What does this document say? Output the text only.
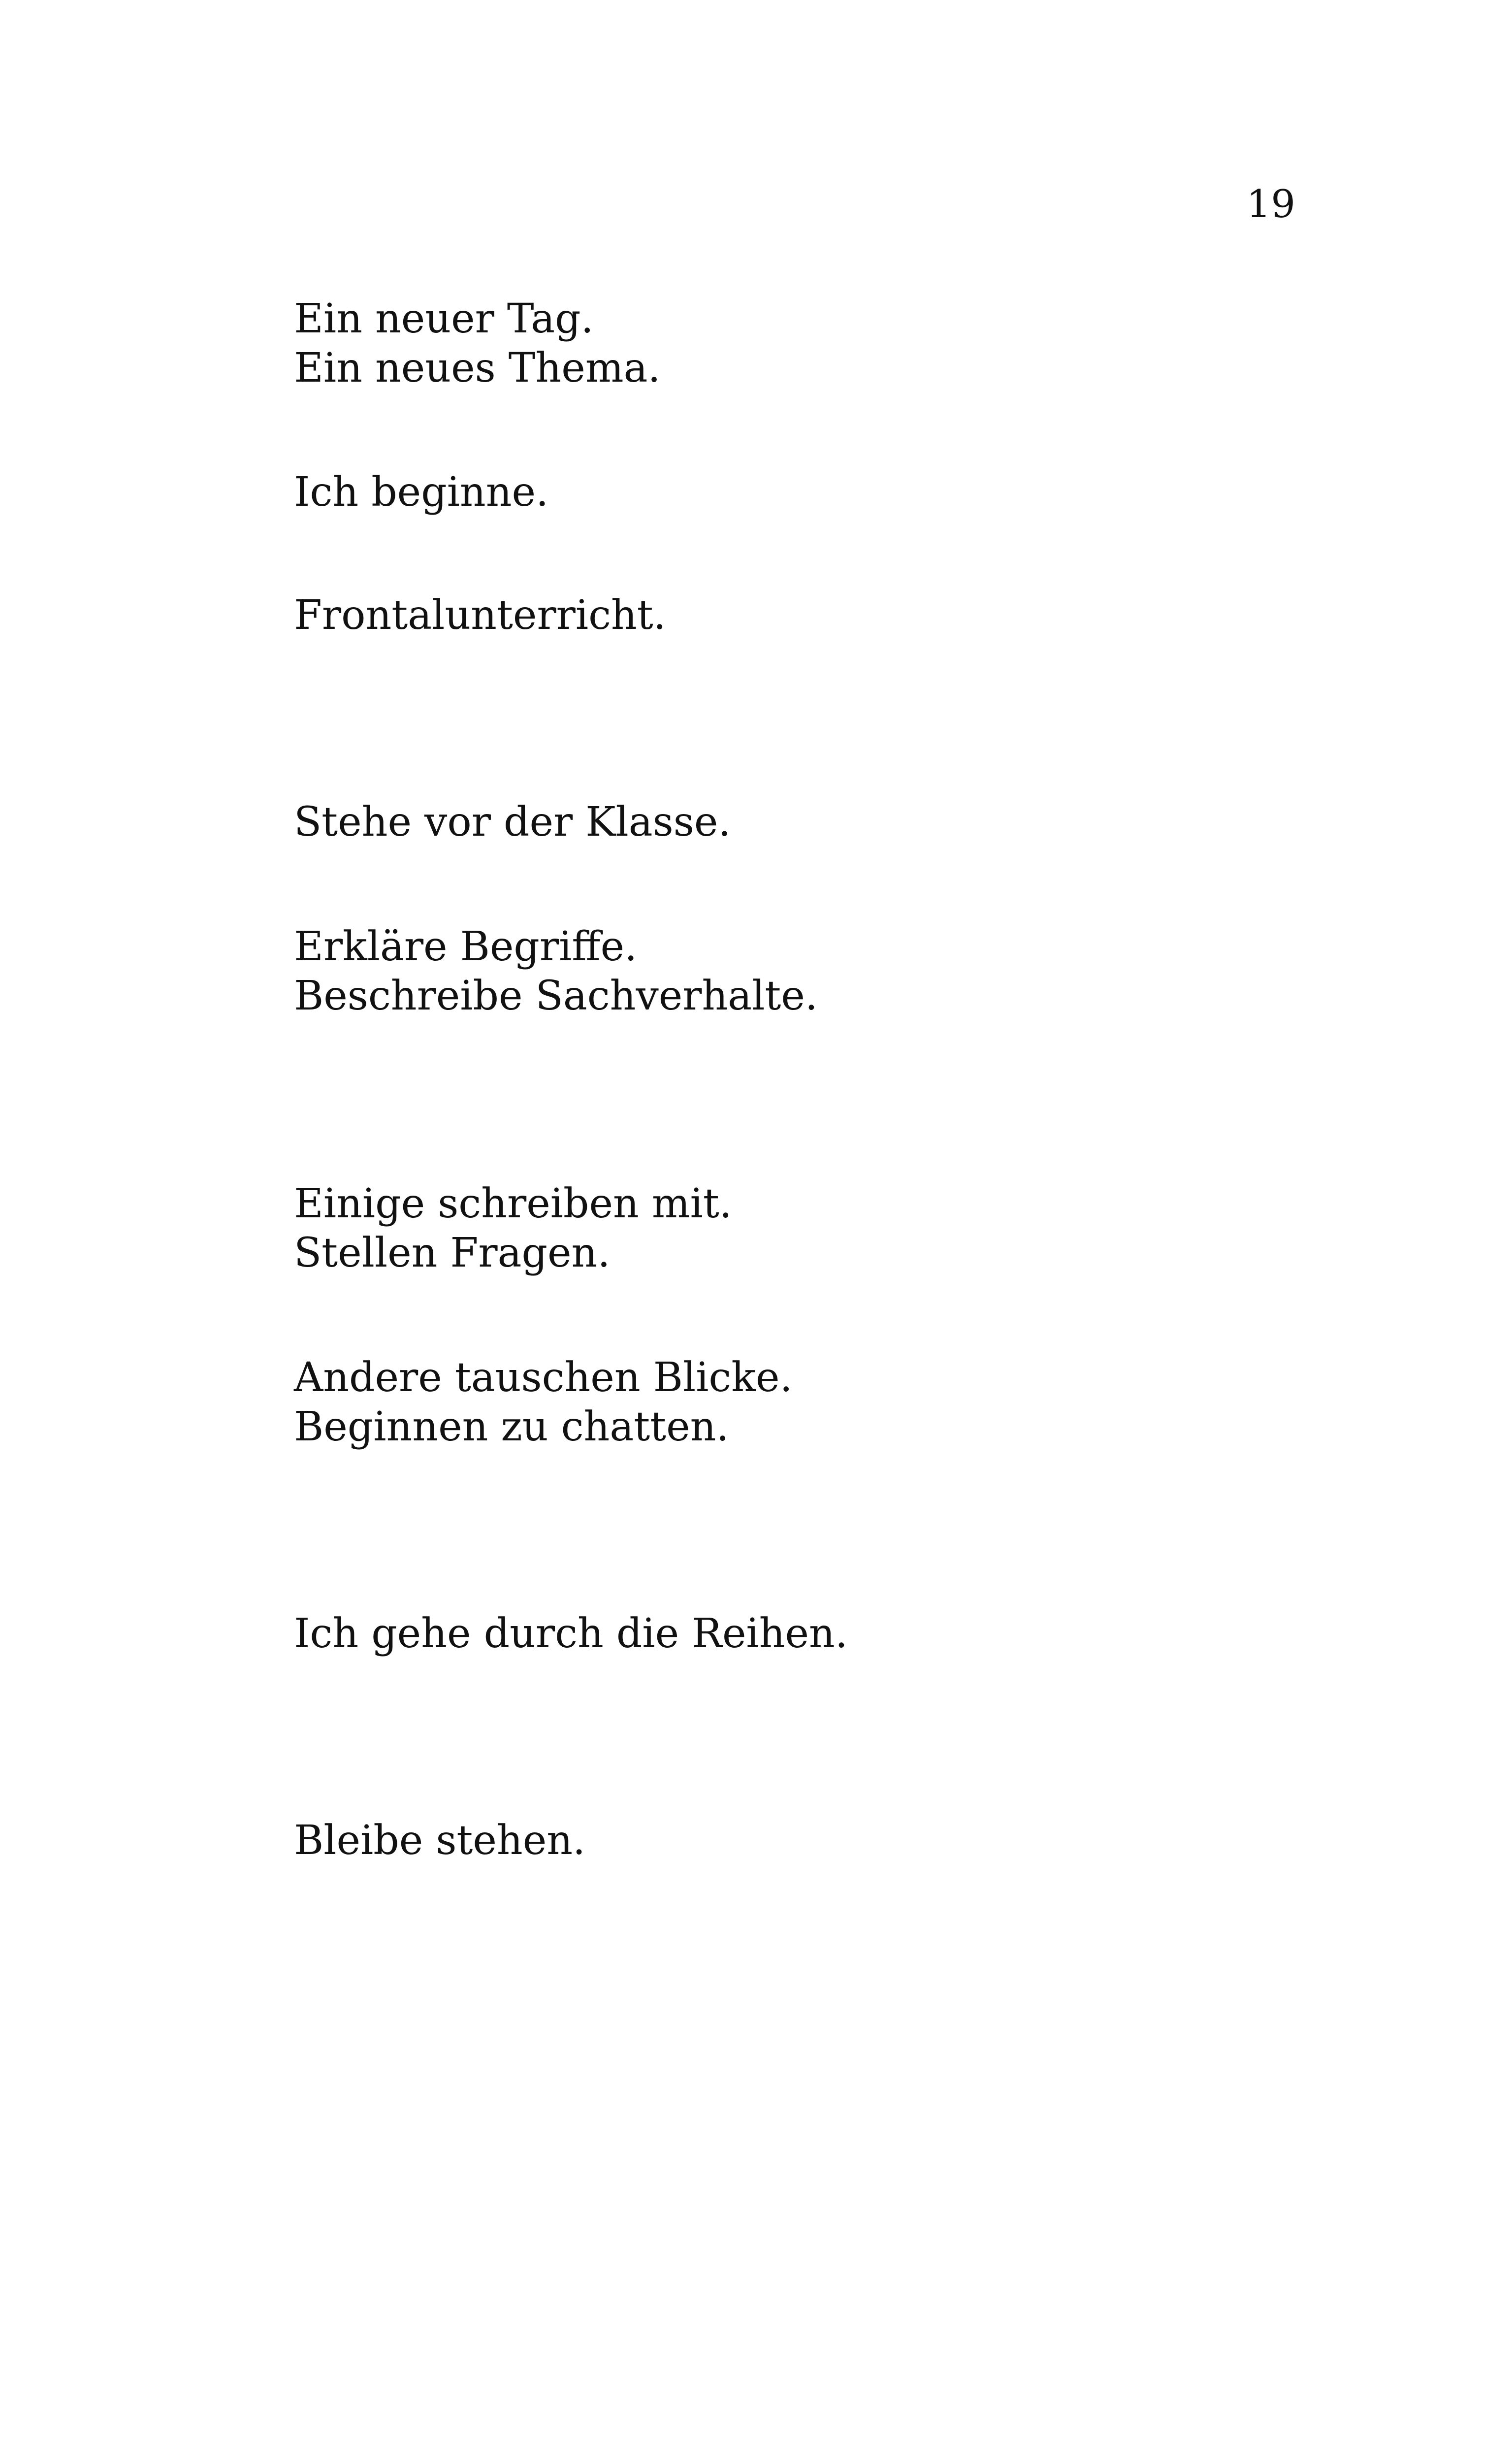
19
Ein neuer Tag.
Ein neues Thema.
Ich beginne.
Frontalunterricht.
Stehe vor der Klasse.
Erkläre Begriffe.
Beschreibe Sachverhalte.
Einige schreiben mit.
Stellen Fragen.
Andere tauschen Blicke.
Beginnen zu chatten.
Ich gehe durch die Reihen.
Bleibe stehen.
